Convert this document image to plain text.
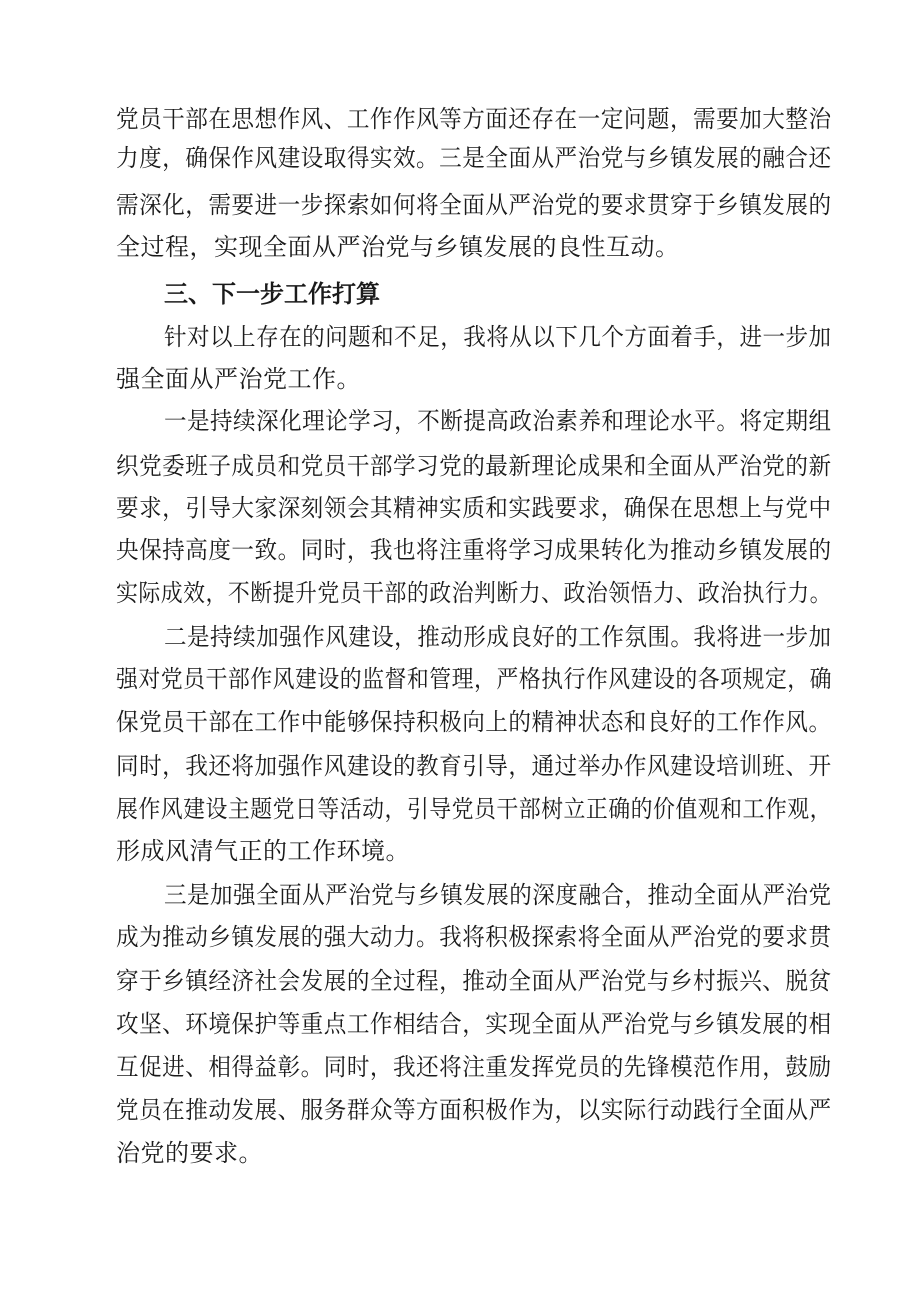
党员干部在思想作风、工作作风等方面还存在一定问题，需要加大整治
力度，确保作风建设取得实效。三是全面从严治党与乡镇发展的融合还
需深化，需要进一步探索如何将全面从严治党的要求贯穿于乡镇发展的
全过程，实现全面从严治党与乡镇发展的良性互动。
三、下一步工作打算
针对以上存在的问题和不足，我将从以下几个方面着手，进一步加
强全面从严治党工作。
一是持续深化理论学习，不断提高政治素养和理论水平。将定期组
织党委班子成员和党员干部学习党的最新理论成果和全面从严治党的新
要求，引导大家深刻领会其精神实质和实践要求，确保在思想上与党中
央保持高度一致。同时，我也将注重将学习成果转化为推动乡镇发展的
实际成效，不断提升党员干部的政治判断力、政治领悟力、政治执行力。
二是持续加强作风建设，推动形成良好的工作氛围。我将进一步加
强对党员干部作风建设的监督和管理，严格执行作风建设的各项规定，确
保党员干部在工作中能够保持积极向上的精神状态和良好的工作作风。
同时，我还将加强作风建设的教育引导，通过举办作风建设培训班、开
展作风建设主题党日等活动，引导党员干部树立正确的价值观和工作观，
形成风清气正的工作环境。
三是加强全面从严治党与乡镇发展的深度融合，推动全面从严治党
成为推动乡镇发展的强大动力。我将积极探索将全面从严治党的要求贯
穿于乡镇经济社会发展的全过程，推动全面从严治党与乡村振兴、脱贫
攻坚、环境保护等重点工作相结合，实现全面从严治党与乡镇发展的相
互促进、相得益彰。同时，我还将注重发挥党员的先锋模范作用，鼓励
党员在推动发展、服务群众等方面积极作为，以实际行动践行全面从严
治党的要求。
